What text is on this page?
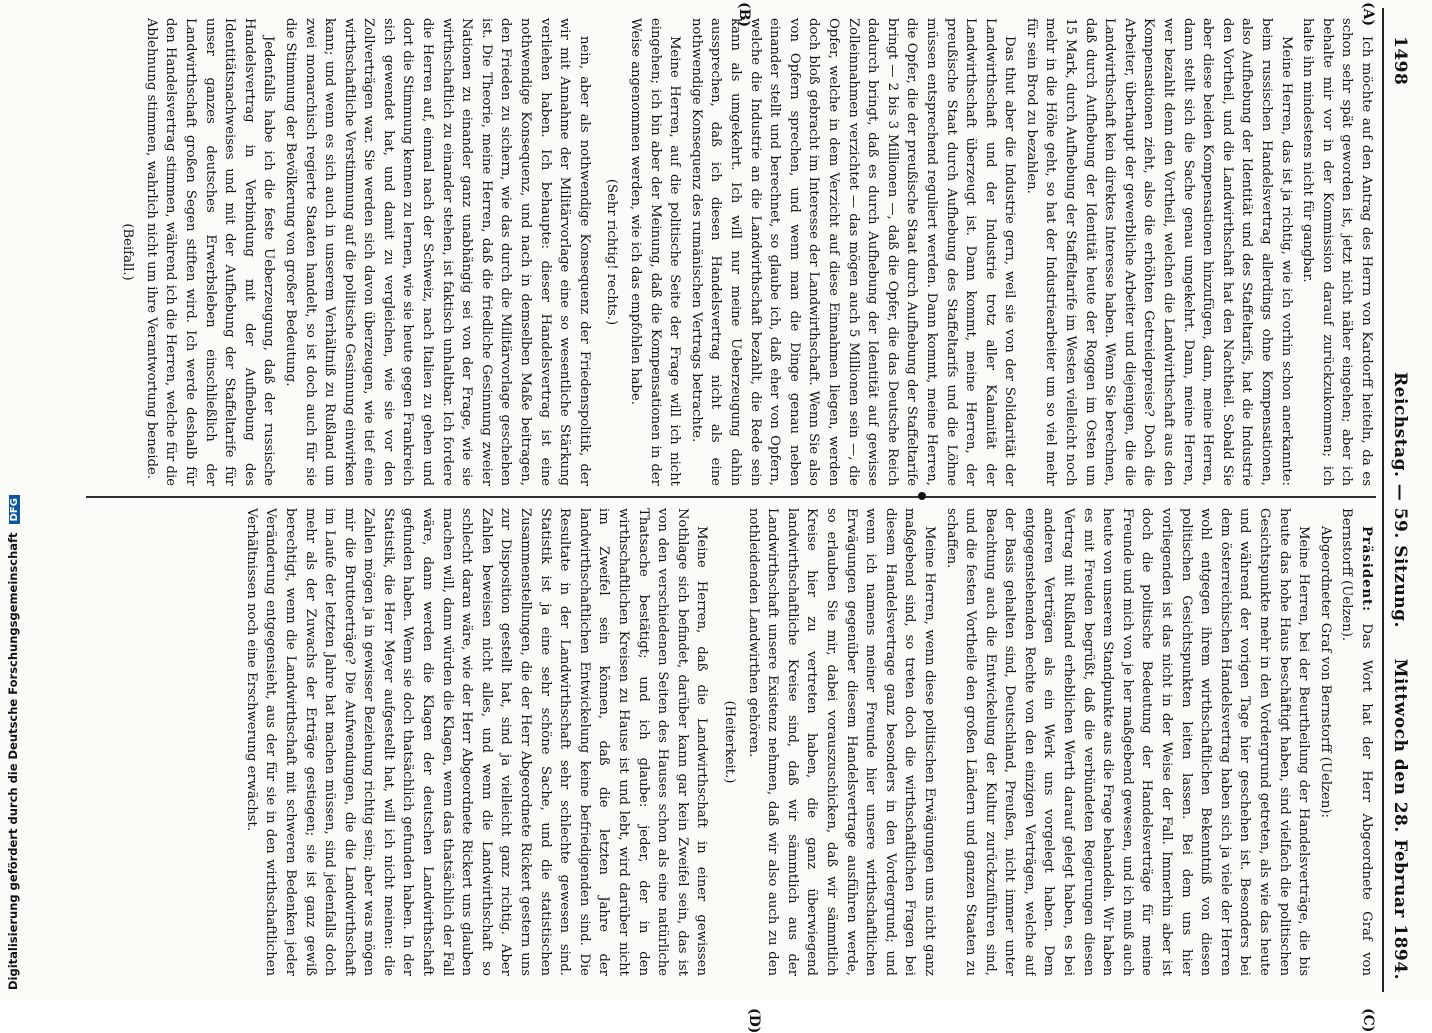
1498
Reichstag. — 59. Sitzung.
Mittwoch den 28. Februar 1894.
(A)
(B)
(C)
(D)

Ich möchte auf den Antrag des Herrn von Kardorff heiteln, da es schon sehr spät geworden ist, jetzt nicht näher eingehen; aber ich behalte mir vor in der Kommission darauf zurückzukommen; ich halte ihn mindestens nicht für gangbar.

Meine Herren, das ist ja richtig, wie ich vorhin schon anerkannte: beim russischen Handelsvertrag allerdings ohne Kompensationen, also Aufhebung der Identität und des Staffeltarifs, hat die Industrie den Vortheil, und die Landwirthschaft hat den Nachtheil. Sobald Sie aber diese beiden Kompensationen hinzufügen, dann, meine Herren, dann stellt sich die Sache genau umgekehrt. Dann, meine Herren, wer bezahlt denn den Vortheil, welchen die Landwirthschaft aus den Kompensationen zieht, also die erhöhten Getreidepreise? Doch die Arbeiter, überhaupt der gewerbliche Arbeiter und diejenigen, die die Landwirthschaft kein direktes Interesse haben. Wenn Sie berechnen, daß durch Aufhebung der Identität heute der Roggen im Osten um 15 Mark, durch Aufhebung der Staffeltarife im Westen vielleicht noch mehr in die Höhe geht, so hat der Industriearbeiter um so viel mehr für sein Brod zu bezahlen.

Das thut aber die Industrie gern, weil sie von der Solidarität der Landwirthschaft und der Industrie trotz aller Kalamität der Landwirthschaft überzeugt ist. Dann kommt, meine Herren, der preußische Staat durch Aufhebung des Staffeltarifs und die Löhne müssen entsprechend reguliert werden. Dann kommt, meine Herren, die Opfer, die der preußische Staat durch Aufhebung der Staffeltarife bringt — 2 bis 3 Millionen —, daß die Opfer, die das Deutsche Reich dadurch bringt, daß es durch Aufhebung der Identität auf gewisse Zolleinnahmen verzichtet — das mögen auch 5 Millionen sein —, die Opfer, welche in dem Verzicht auf diese Einnahmen liegen, werden doch bloß gebracht im Interesse der Landwirthschaft. Wenn Sie also von Opfern sprechen, und wenn man die Dinge genau neben einander stellt und berechnet, so glaube ich, daß eher von Opfern, welche die Industrie an die Landwirthschaft bezahlt, die Rede sein kann als umgekehrt. Ich will nur meine Ueberzeugung dahin aussprechen, daß ich diesen Handelsvertrag nicht als eine nothwendige Konsequenz des rumänischen Vertrags betrachte.

Meine Herren, auf die politische Seite der Frage will ich nicht eingehen; ich bin aber der Meinung, daß die Kompensationen in der Weise angenommen werden, wie ich das empfohlen habe.

(Sehr richtig! rechts.)

nein, aber als nothwendige Konsequenz der Friedenspolitik, der wir mit Annahme der Militärvorlage eine so wesentliche Stärkung verliehen haben. Ich behaupte: dieser Handelsvertrag ist eine nothwendige Konsequenz, und nach in demselben Maße beitragen, den Frieden zu sichern, wie das durch die Militärvorlage geschehen ist. Die Theorie, meine Herren, daß die friedliche Gesinnung zweier Nationen zu einander ganz unabhängig sei von der Frage, wie sie wirthschaftlich zu einander stehen, ist faktisch unhaltbar. Ich fordere die Herren auf, einmal nach der Schweiz, nach Italien zu gehen und dort die Stimmung kennen zu lernen, wie sie heute gegen Frankreich sich gewendet hat, und damit zu vergleichen, wie sie vor den Zollverträgen war. Sie werden sich davon überzeugen, wie tief eine wirthschaftliche Verstimmung auf die politische Gesinnung einwirken kann; und wenn es sich auch in unserem Verhältniß zu Rußland um zwei monarchisch regierte Staaten handelt, so ist doch auch für sie die Stimmung der Bevölkerung von großer Bedeutung.

Jedenfalls habe ich die feste Ueberzeugung, daß der russische Handelsvertrag in Verbindung mit der Aufhebung des Identitätsnachweises und mit der Aufhebung der Staffeltarife für unser ganzes deutsches Erwerbsleben einschließlich der Landwirthschaft großen Segen stiften wird. Ich werde deshalb für den Handelsvertrag stimmen, während ich die Herren, welche für die Ablehnung stimmen, wahrlich nicht um ihre Verantwortung beneide.

(Beifall.)

Präsident: Das Wort hat der Herr Abgeordnete Graf von Bernstorff (Uelzen).

Abgeordneter Graf von Bernstorff (Uelzen):

Meine Herren, bei der Beurtheilung der Handelsverträge, die bis heute das hohe Haus beschäftigt haben, sind vielfach die politischen Gesichtspunkte mehr in den Vordergrund getreten, als wie das heute und während der vorigen Tage hier geschehen ist. Besonders bei dem österreichischen Handelsvertrag haben sich ja viele der Herren wohl entgegen ihrem wirthschaftlichen Bekenntniß von diesen politischen Gesichtspunkten leiten lassen. Bei dem uns hier vorliegenden ist das nicht in der Weise der Fall. Immerhin aber ist doch die politische Bedeutung der Handelsverträge für meine Freunde und mich von je her maßgebend gewesen, und ich muß auch heute von unserem Standpunkte aus die Frage behandeln. Wir haben es mit Freuden begrüßt, daß die verbündeten Regierungen diesen Vertrag mit Rußland erheblichen Werth darauf gelegt haben, es bei anderen Verträgen als ein Werk uns vorgelegt haben. Dem entgegenstehenden Rechte von den einzigen Verträgen, welche auf der Basis gehalten sind, Deutschland, Preußen, nicht immer unter Beachtung auch die Entwickelung der Kultur zurückzuführen sind, und die festen Vortheile den großen Ländern und ganzen Staaten zu schaffen.

Meine Herren, wenn diese politischen Erwägungen uns nicht ganz maßgebend sind, so treten doch die wirthschaftlichen Fragen bei diesem Handelsvertrage ganz besonders in den Vordergrund; und wenn ich namens meiner Freunde hier unsere wirthschaftlichen Erwägungen gegenüber diesem Handelsvertrage ausführen werde, so erlauben Sie mir, dabei vorauszuschicken, daß wir sämmtlich Kreise hier zu vertreten haben, die ganz überwiegend landwirthschaftliche Kreise sind, daß wir sämmtlich aus der Landwirthschaft unsere Existenz nehmen, daß wir also auch zu den nothleidenden Landwirthen gehören.

(Heiterkeit.)

Meine Herren, daß die Landwirthschaft in einer gewissen Nothlage sich befindet, darüber kann gar kein Zweifel sein, das ist von den verschiedenen Seiten des Hauses schon als eine natürliche Thatsache bestätigt; und ich glaube: jeder, der in den wirthschaftlichen Kreisen zu Hause ist und lebt, wird darüber nicht im Zweifel sein können, daß die letzten Jahre der landwirthschaftlichen Entwickelung keine befriedigenden sind. Die Resultate in der Landwirthschaft sehr schlechte gewesen sind. Statistik ist ja eine sehr schöne Sache, und die statistischen Zusammenstellungen, die der Herr Abgeordnete Rickert gestern uns zur Disposition gestellt hat, sind ja vielleicht ganz richtig. Aber Zahlen beweisen nicht alles, und wenn die Landwirthschaft so schlecht daran wäre, wie der Herr Abgeordnete Rickert uns glauben machen will, dann würden die Klagen, wenn das thatsächlich der Fall wäre, dann werden die Klagen der deutschen Landwirthschaft gefunden haben. Wenn sie doch thatsächlich gefunden haben. In der Statistik, die Herr Meyer aufgestellt hat, will ich nicht meinen: die Zahlen mögen ja in gewisser Beziehung richtig sein; aber was mögen mir die Bruttoerträge? Die Aufwendungen, die die Landwirthschaft im Laufe der letzten Jahre hat machen müssen, sind jedenfalls doch mehr als der Zuwachs der Erträge gestiegen; sie ist ganz gewiß berechtigt, wenn die Landwirthschaft mit schweren Bedenken jeder Veränderung entgegensieht, aus der für sie in den wirthschaftlichen Verhältnissen noch eine Erschwerung erwächst.

Digitalisierung gefördert durch die Deutsche Forschungsgemeinschaft DFG
